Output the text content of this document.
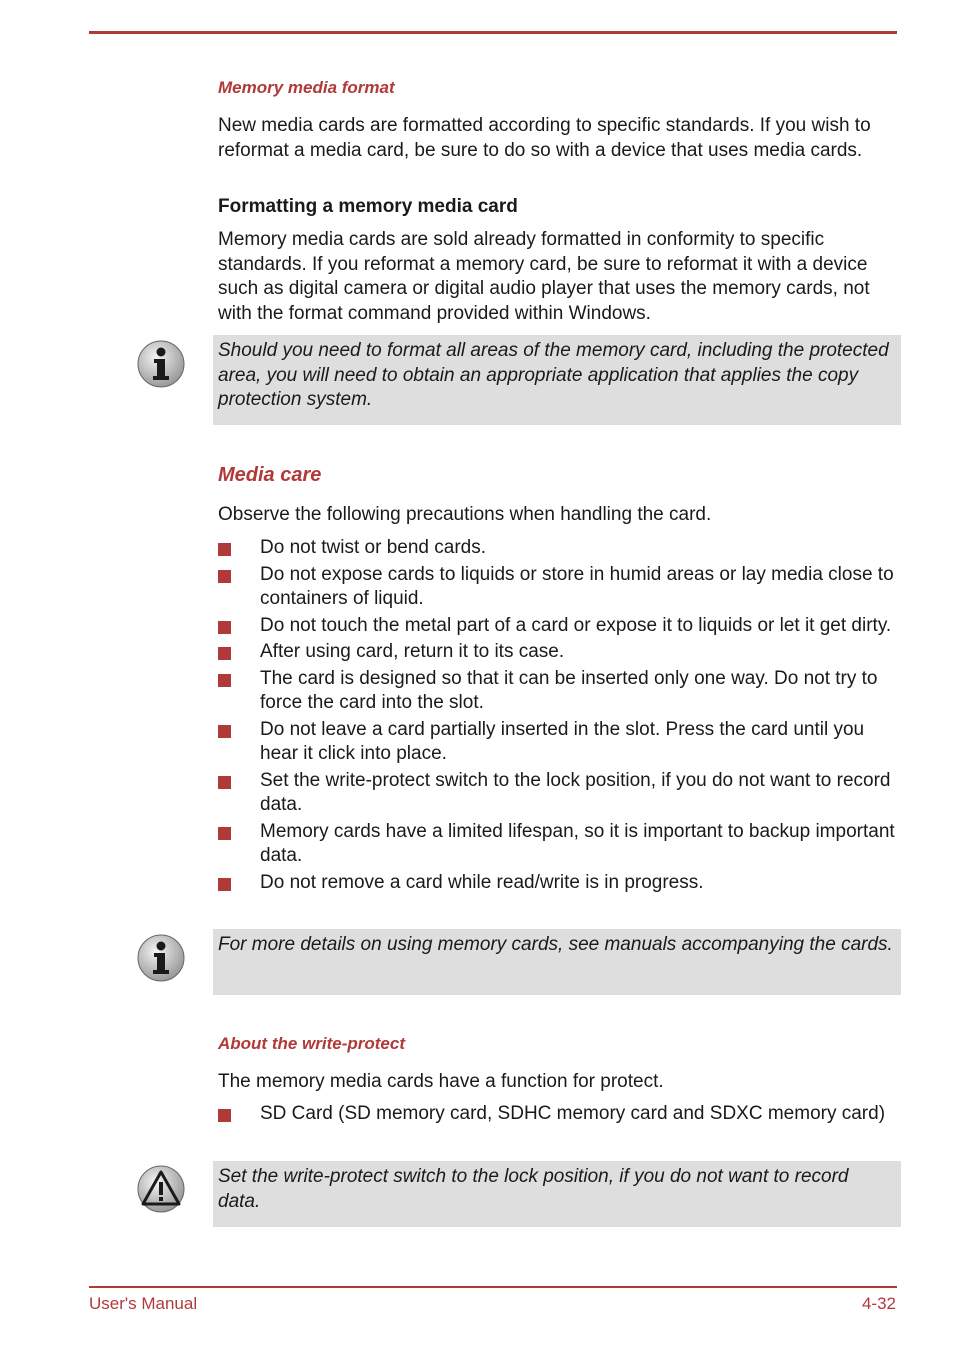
Memory media format
New media cards are formatted according to specific standards. If you wish to reformat a media card, be sure to do so with a device that uses media cards.
Formatting a memory media card
Memory media cards are sold already formatted in conformity to specific standards. If you reformat a memory card, be sure to reformat it with a device such as digital camera or digital audio player that uses the memory cards, not with the format command provided within Windows.
Should you need to format all areas of the memory card, including the protected area, you will need to obtain an appropriate application that applies the copy protection system.
Media care
Observe the following precautions when handling the card.
Do not twist or bend cards.
Do not expose cards to liquids or store in humid areas or lay media close to containers of liquid.
Do not touch the metal part of a card or expose it to liquids or let it get dirty.
After using card, return it to its case.
The card is designed so that it can be inserted only one way. Do not try to force the card into the slot.
Do not leave a card partially inserted in the slot. Press the card until you hear it click into place.
Set the write-protect switch to the lock position, if you do not want to record data.
Memory cards have a limited lifespan, so it is important to backup important data.
Do not remove a card while read/write is in progress.
For more details on using memory cards, see manuals accompanying the cards.
About the write-protect
The memory media cards have a function for protect.
SD Card (SD memory card, SDHC memory card and SDXC memory card)
Set the write-protect switch to the lock position, if you do not want to record data.
User's Manual	4-32
